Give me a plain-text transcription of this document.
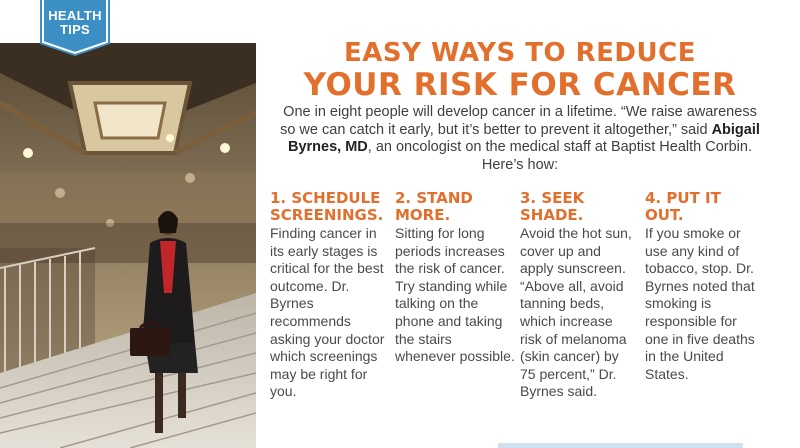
HEALTH
TIPS
EASY WAYS TO REDUCE
YOUR RISK FOR CANCER
One in eight people will develop cancer in a lifetime. “We raise awareness so we can catch it early, but it’s better to prevent it altogether,” said Abigail Byrnes, MD, an oncologist on the medical staff at Baptist Health Corbin. Here’s how:
1. SCHEDULE SCREENINGS.
Finding cancer in its early stages is critical for the best outcome. Dr. Byrnes recommends asking your doctor which screenings may be right for you.
2. STAND MORE.
Sitting for long periods increases the risk of cancer. Try standing while talking on the phone and taking the stairs whenever possible.
3. SEEK SHADE.
Avoid the hot sun, cover up and apply sunscreen. “Above all, avoid tanning beds, which increase risk of melanoma (skin cancer) by 75 percent,” Dr. Byrnes said.
4. PUT IT OUT.
If you smoke or use any kind of tobacco, stop. Dr. Byrnes noted that smoking is responsible for one in five deaths in the United States.
